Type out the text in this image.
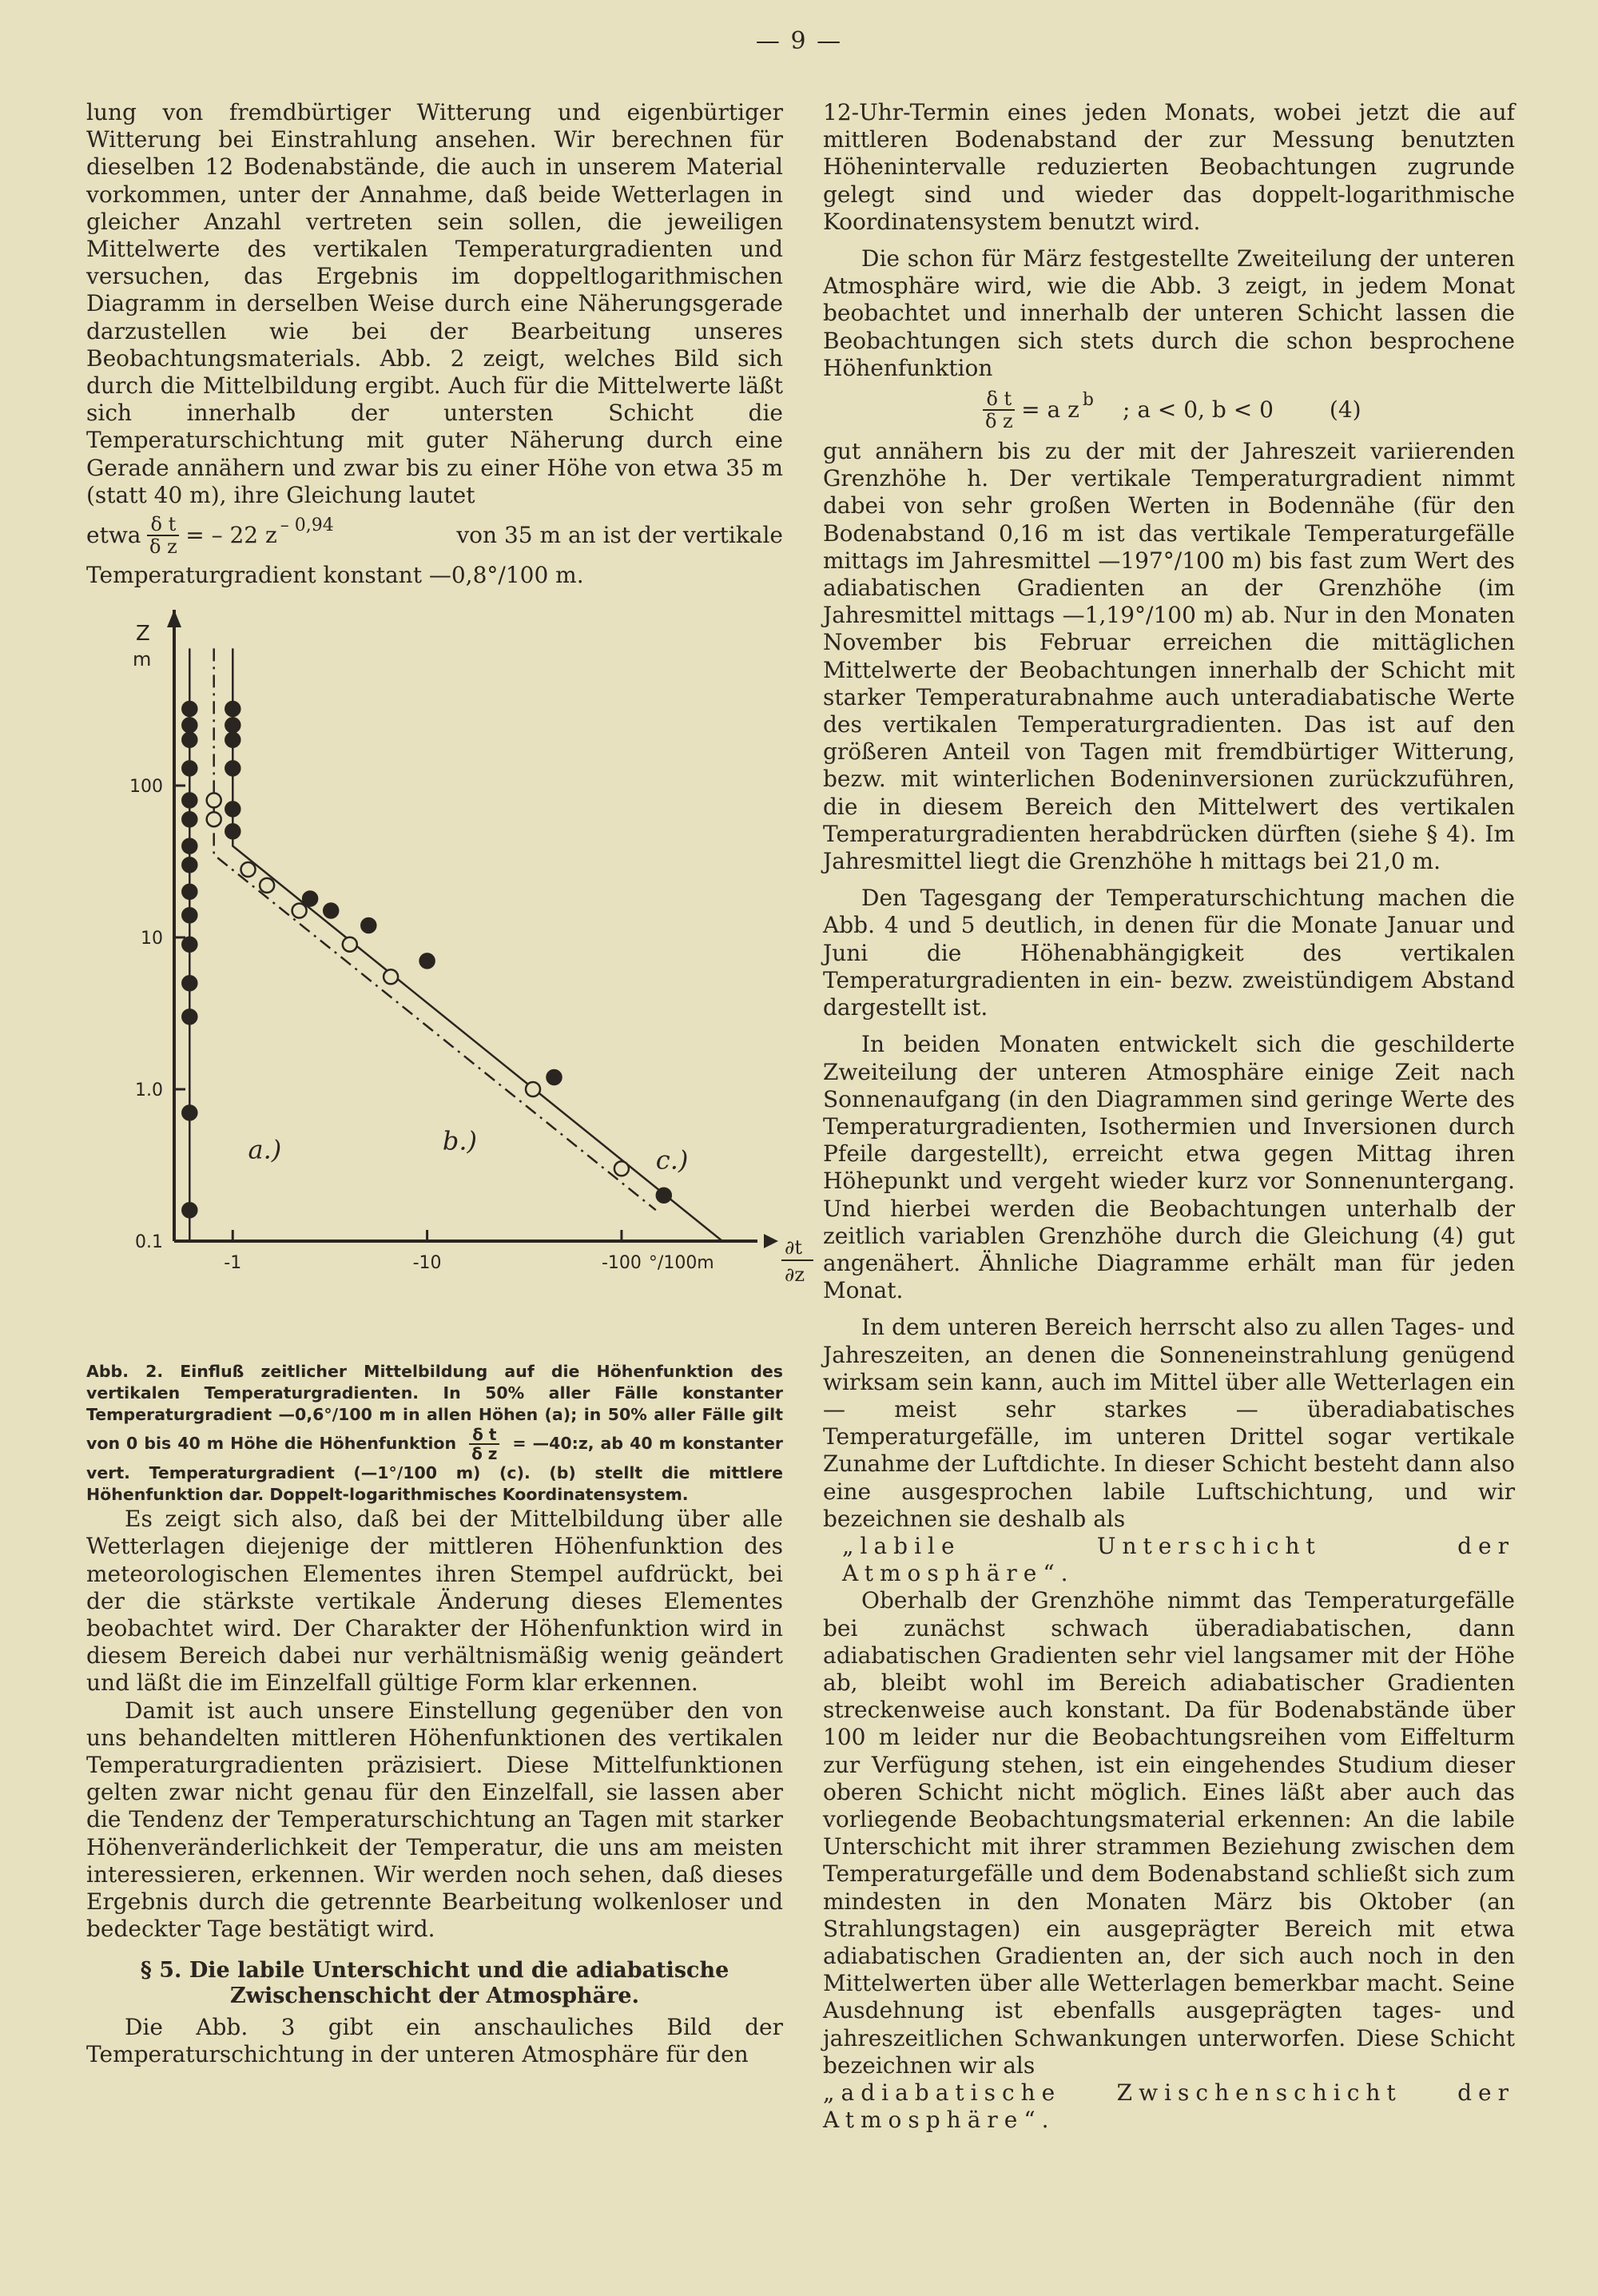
— 9 —

lung von fremdbürtiger Witterung und eigenbürtiger Witterung bei Einstrahlung ansehen. Wir berechnen für dieselben 12 Bodenabstände, die auch in unserem Material vorkommen, unter der Annahme, daß beide Wetterlagen in gleicher Anzahl vertreten sein sollen, die jeweiligen Mittelwerte des vertikalen Temperaturgradienten und versuchen, das Ergebnis im doppeltlogarithmischen Diagramm in derselben Weise durch eine Näherungsgerade darzustellen wie bei der Bearbeitung unseres Beobachtungsmaterials. Abb. 2 zeigt, welches Bild sich durch die Mittelbildung ergibt. Auch für die Mittelwerte läßt sich innerhalb der untersten Schicht die Temperaturschichtung mit guter Näherung durch eine Gerade annähern und zwar bis zu einer Höhe von etwa 35 m (statt 40 m), ihre Gleichung lautet

etwa $\frac{\text{δ t}}{\text{δ z}}$ = – 22 $z^{- 0,94}$	von 35 m an ist der vertikale

Temperaturgradient konstant —0,8°/100 m.

0.1
1.0
10
100
-1	-10	-100
Z
m
°/100m
∂t
∂z
a.)	b.)
c.)

Abb. 2. Einfluß zeitlicher Mittelbildung auf die Höhenfunktion des vertikalen Temperaturgradienten. In 50% aller Fälle konstanter Temperaturgradient —0,6°/100 m in allen Höhen (a); in 50% aller Fälle gilt von 0 bis 40 m Höhe die Höhenfunktion $\frac{\text{δ t}}{\text{δ z}}$ = —40:z, ab 40 m konstanter vert. Temperaturgradient (—1°/100 m) (c). (b) stellt die mittlere Höhenfunktion dar. Doppelt-logarithmisches Koordinatensystem.

Es zeigt sich also, daß bei der Mittelbildung über alle Wetterlagen diejenige der mittleren Höhenfunktion des meteorologischen Elementes ihren Stempel aufdrückt, bei der die stärkste vertikale Änderung dieses Elementes beobachtet wird. Der Charakter der Höhenfunktion wird in diesem Bereich dabei nur verhältnismäßig wenig geändert und läßt die im Einzelfall gültige Form klar erkennen.

Damit ist auch unsere Einstellung gegenüber den von uns behandelten mittleren Höhenfunktionen des vertikalen Temperaturgradienten präzisiert. Diese Mittelfunktionen gelten zwar nicht genau für den Einzelfall, sie lassen aber die Tendenz der Temperaturschichtung an Tagen mit starker Höhenveränderlichkeit der Temperatur, die uns am meisten interessieren, erkennen. Wir werden noch sehen, daß dieses Ergebnis durch die getrennte Bearbeitung wolkenloser und bedeckter Tage bestätigt wird.

§ 5. Die labile Unterschicht und die adiabatische
Zwischenschicht der Atmosphäre.

Die Abb. 3 gibt ein anschauliches Bild der Temperaturschichtung in der unteren Atmosphäre für den

12-Uhr-Termin eines jeden Monats, wobei jetzt die auf mittleren Bodenabstand der zur Messung benutzten Höhenintervalle reduzierten Beobachtungen zugrunde gelegt sind und wieder das doppelt-logarithmische Koordinatensystem benutzt wird.

Die schon für März festgestellte Zweiteilung der unteren Atmosphäre wird, wie die Abb. 3 zeigt, in jedem Monat beobachtet und innerhalb der unteren Schicht lassen die Beobachtungen sich stets durch die schon besprochene Höhenfunktion

$\frac{\text{δ t}}{\text{δ z}} = a$ $z^b$ ; a < 0, b < 0	(4)

gut annähern bis zu der mit der Jahreszeit variierenden Grenzhöhe h. Der vertikale Temperaturgradient nimmt dabei von sehr großen Werten in Bodennähe (für den Bodenabstand 0,16 m ist das vertikale Temperaturgefälle mittags im Jahresmittel —197°/100 m) bis fast zum Wert des adiabatischen Gradienten an der Grenzhöhe (im Jahresmittel mittags —1,19°/100 m) ab. Nur in den Monaten November bis Februar erreichen die mittäglichen Mittelwerte der Beobachtungen innerhalb der Schicht mit starker Temperaturabnahme auch unteradiabatische Werte des vertikalen Temperaturgradienten. Das ist auf den größeren Anteil von Tagen mit fremdbürtiger Witterung, bezw. mit winterlichen Bodeninversionen zurückzuführen, die in diesem Bereich den Mittelwert des vertikalen Temperaturgradienten herabdrücken dürften (siehe § 4). Im Jahresmittel liegt die Grenzhöhe h mittags bei 21,0 m.

Den Tagesgang der Temperaturschichtung machen die Abb. 4 und 5 deutlich, in denen für die Monate Januar und Juni die Höhenabhängigkeit des vertikalen Temperaturgradienten in ein- bezw. zweistündigem Abstand dargestellt ist.

In beiden Monaten entwickelt sich die geschilderte Zweiteilung der unteren Atmosphäre einige Zeit nach Sonnenaufgang (in den Diagrammen sind geringe Werte des Temperaturgradienten, Isothermien und Inversionen durch Pfeile dargestellt), erreicht etwa gegen Mittag ihren Höhepunkt und vergeht wieder kurz vor Sonnenuntergang. Und hierbei werden die Beobachtungen unterhalb der zeitlich variablen Grenzhöhe durch die Gleichung (4) gut angenähert. Ähnliche Diagramme erhält man für jeden Monat.

In dem unteren Bereich herrscht also zu allen Tages- und Jahreszeiten, an denen die Sonneneinstrahlung genügend wirksam sein kann, auch im Mittel über alle Wetterlagen ein — meist sehr starkes — überadiabatisches Temperaturgefälle, im unteren Drittel sogar vertikale Zunahme der Luftdichte. In dieser Schicht besteht dann also eine ausgesprochen labile Luftschichtung, und wir bezeichnen sie deshalb als

„labile Unterschicht der Atmosphäre“.

Oberhalb der Grenzhöhe nimmt das Temperaturgefälle bei zunächst schwach überadiabatischen, dann adiabatischen Gradienten sehr viel langsamer mit der Höhe ab, bleibt wohl im Bereich adiabatischer Gradienten streckenweise auch konstant. Da für Bodenabstände über 100 m leider nur die Beobachtungsreihen vom Eiffelturm zur Verfügung stehen, ist ein eingehendes Studium dieser oberen Schicht nicht möglich. Eines läßt aber auch das vorliegende Beobachtungsmaterial erkennen: An die labile Unterschicht mit ihrer strammen Beziehung zwischen dem Temperaturgefälle und dem Bodenabstand schließt sich zum mindesten in den Monaten März bis Oktober (an Strahlungstagen) ein ausgeprägter Bereich mit etwa adiabatischen Gradienten an, der sich auch noch in den Mittelwerten über alle Wetterlagen bemerkbar macht. Seine Ausdehnung ist ebenfalls ausgeprägten tages- und jahreszeitlichen Schwankungen unterworfen. Diese Schicht bezeichnen wir als

„adiabatische Zwischenschicht der Atmosphäre“.
